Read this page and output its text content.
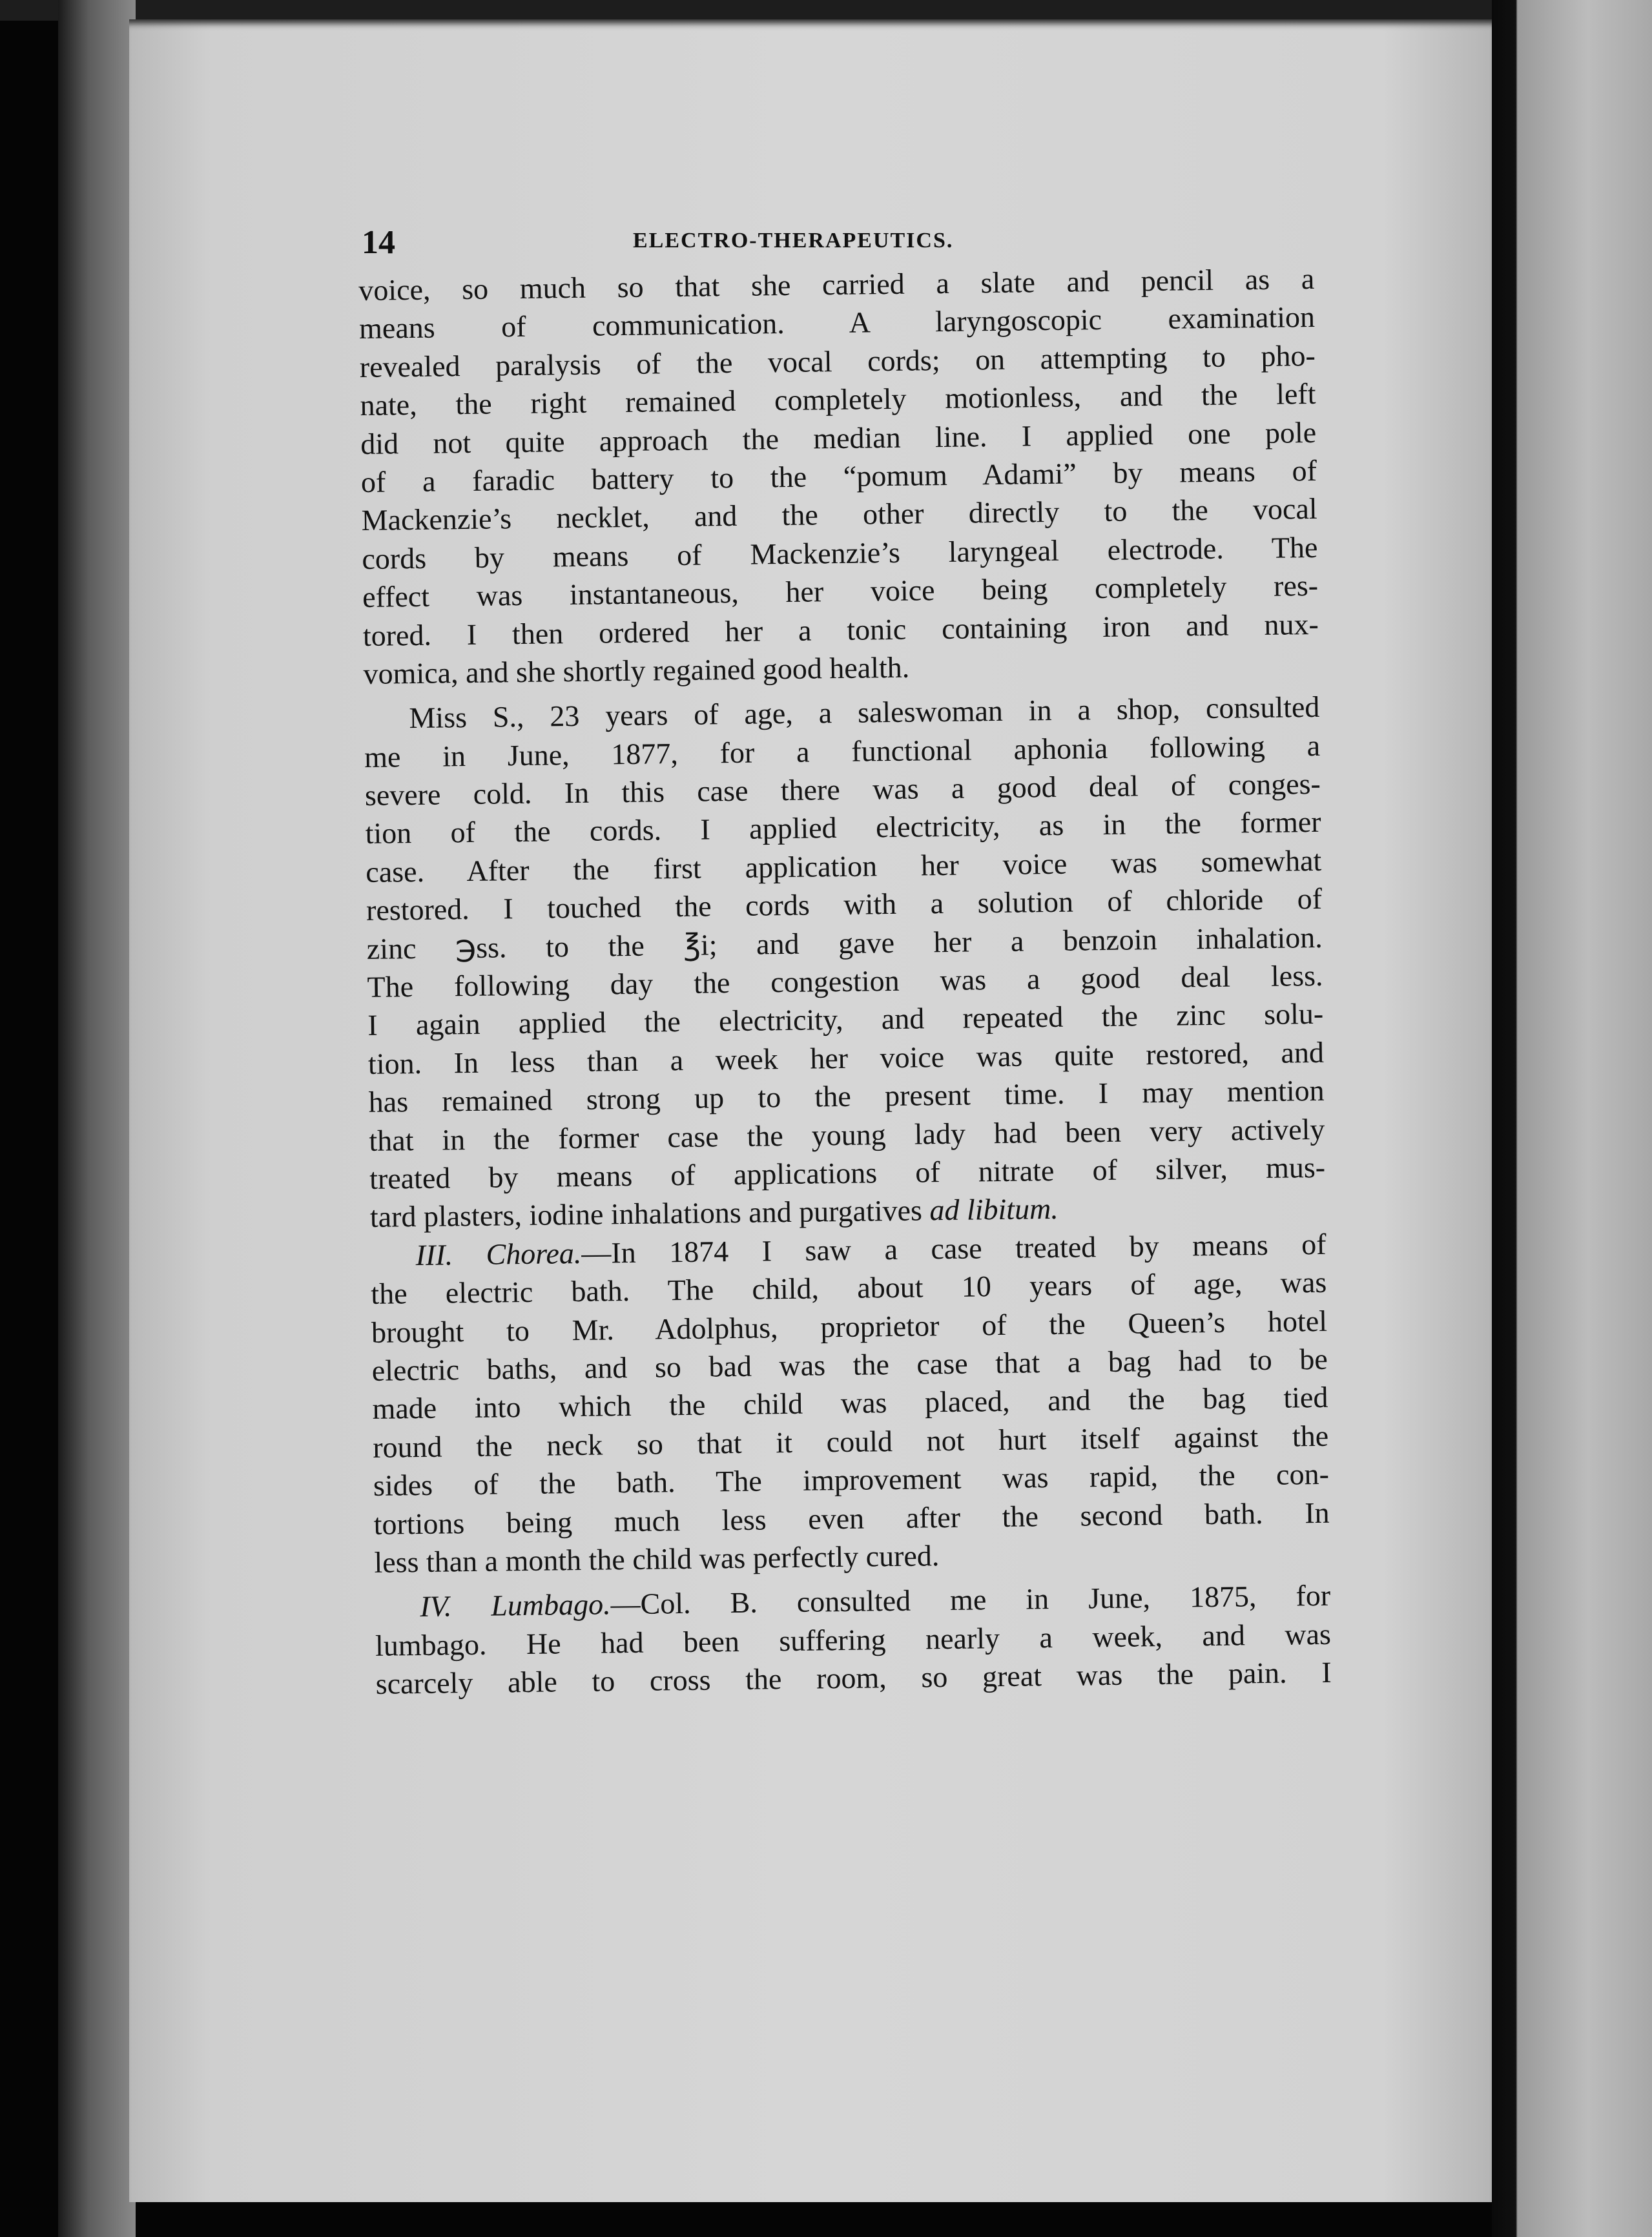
14	ELECTRO-THERAPEUTICS.
voice, so much so that she carried a slate and pencil as a
means of communication. A laryngoscopic examination
revealed paralysis of the vocal cords; on attempting to pho-
nate, the right remained completely motionless, and the left
did not quite approach the median line. I applied one pole
of a faradic battery to the “pomum Adami” by means of
Mackenzie’s necklet, and the other directly to the vocal
cords by means of Mackenzie’s laryngeal electrode. The
effect was instantaneous, her voice being completely res-
tored. I then ordered her a tonic containing iron and nux-
vomica, and she shortly regained good health.
Miss S., 23 years of age, a saleswoman in a shop, consulted
me in June, 1877, for a functional aphonia following a
severe cold. In this case there was a good deal of conges-
tion of the cords. I applied electricity, as in the former
case. After the first application her voice was somewhat
restored. I touched the cords with a solution of chloride of
zinc ℈ss. to the ℥i; and gave her a benzoin inhalation.
The following day the congestion was a good deal less.
I again applied the electricity, and repeated the zinc solu-
tion. In less than a week her voice was quite restored, and
has remained strong up to the present time. I may mention
that in the former case the young lady had been very actively
treated by means of applications of nitrate of silver, mus-
tard plasters, iodine inhalations and purgatives ad libitum.
III. Chorea.—In 1874 I saw a case treated by means of
the electric bath. The child, about 10 years of age, was
brought to Mr. Adolphus, proprietor of the Queen’s hotel
electric baths, and so bad was the case that a bag had to be
made into which the child was placed, and the bag tied
round the neck so that it could not hurt itself against the
sides of the bath. The improvement was rapid, the con-
tortions being much less even after the second bath. In
less than a month the child was perfectly cured.
IV. Lumbago.—Col. B. consulted me in June, 1875, for
lumbago. He had been suffering nearly a week, and was
scarcely able to cross the room, so great was the pain. I
